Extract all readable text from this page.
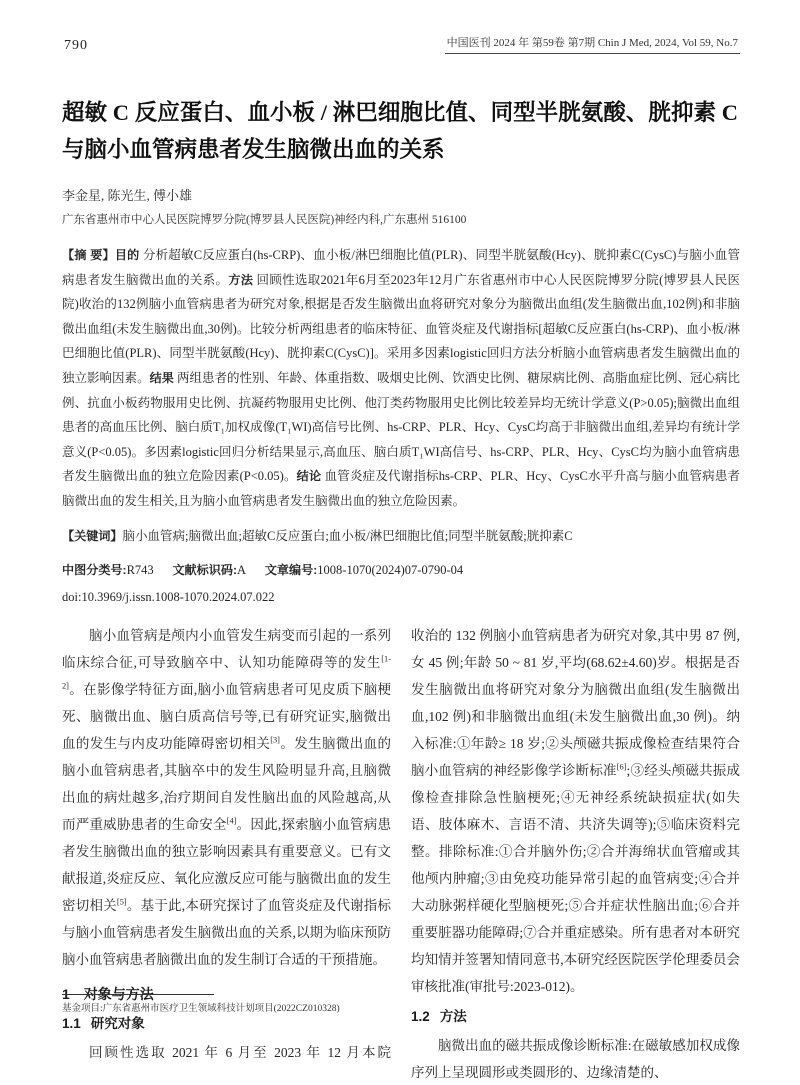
790	中国医刊 2024 年 第59卷 第7期 Chin J Med, 2024, Vol 59, No.7
超敏 C 反应蛋白、血小板 / 淋巴细胞比值、同型半胱氨酸、胱抑素 C 与脑小血管病患者发生脑微出血的关系
李金星, 陈光生, 傅小雄
广东省惠州市中心人民医院博罗分院(博罗县人民医院)神经内科,广东惠州 516100

【摘 要】目的 分析超敏C反应蛋白(hs-CRP)、血小板/淋巴细胞比值(PLR)、同型半胱氨酸(Hcy)、胱抑素C(CysC)与脑小血管病患者发生脑微出血的关系。方法 回顾性选取2021年6月至2023年12月广东省惠州市中心人民医院博罗分院(博罗县人民医院)收治的132例脑小血管病患者为研究对象,根据是否发生脑微出血将研究对象分为脑微出血组(发生脑微出血,102例)和非脑微出血组(未发生脑微出血,30例)。比较分析两组患者的临床特征、血管炎症及代谢指标[超敏C反应蛋白(hs-CRP)、血小板/淋巴细胞比值(PLR)、同型半胱氨酸(Hcy)、胱抑素C(CysC)]。采用多因素logistic回归方法分析脑小血管病患者发生脑微出血的独立影响因素。结果 两组患者的性别、年龄、体重指数、吸烟史比例、饮酒史比例、糖尿病比例、高脂血症比例、冠心病比例、抗血小板药物服用史比例、抗凝药物服用史比例、他汀类药物服用史比例比较差异均无统计学意义(P>0.05);脑微出血组患者的高血压比例、脑白质T₁加权成像(T₁WI)高信号比例、hs-CRP、PLR、Hcy、CysC均高于非脑微出血组,差异均有统计学意义(P<0.05)。多因素logistic回归分析结果显示,高血压、脑白质T₁WI高信号、hs-CRP、PLR、Hcy、CysC均为脑小血管病患者发生脑微出血的独立危险因素(P<0.05)。结论 血管炎症及代谢指标hs-CRP、PLR、Hcy、CysC水平升高与脑小血管病患者脑微出血的发生相关,且为脑小血管病患者发生脑微出血的独立危险因素。

【关键词】脑小血管病;脑微出血;超敏C反应蛋白;血小板/淋巴细胞比值;同型半胱氨酸;胱抑素C

中图分类号:R743  文献标识码:A  文章编号:1008-1070(2024)07-0790-04

doi:10.3969/j.issn.1008-1070.2024.07.022

脑小血管病是颅内小血管发生病变而引起的一系列临床综合征,可导致脑卒中、认知功能障碍等的发生[1-2]。在影像学特征方面,脑小血管病患者可见皮质下脑梗死、脑微出血、脑白质高信号等,已有研究证实,脑微出血的发生与内皮功能障碍密切相关[3]。发生脑微出血的脑小血管病患者,其脑卒中的发生风险明显升高,且脑微出血的病灶越多,治疗期间自发性脑出血的风险越高,从而严重威胁患者的生命安全[4]。因此,探索脑小血管病患者发生脑微出血的独立影响因素具有重要意义。已有文献报道,炎症反应、氧化应激反应可能与脑微出血的发生密切相关[5]。基于此,本研究探讨了血管炎症及代谢指标与脑小血管病患者发生脑微出血的关系,以期为临床预防脑小血管病患者脑微出血的发生制订合适的干预措施。

1 对象与方法
1.1 研究对象

回顾性选取 2021 年 6 月至 2023 年 12 月本院

收治的 132 例脑小血管病患者为研究对象,其中男 87 例,女 45 例;年龄 50 ~ 81 岁,平均(68.62±4.60)岁。根据是否发生脑微出血将研究对象分为脑微出血组(发生脑微出血,102 例)和非脑微出血组(未发生脑微出血,30 例)。纳入标准:①年龄≥ 18 岁;②头颅磁共振成像检查结果符合脑小血管病的神经影像学诊断标准[6];③经头颅磁共振成像检查排除急性脑梗死;④无神经系统缺损症状(如失语、肢体麻木、言语不清、共济失调等);⑤临床资料完整。排除标准:①合并脑外伤;②合并海绵状血管瘤或其他颅内肿瘤;③由免疫功能异常引起的血管病变;④合并大动脉粥样硬化型脑梗死;⑤合并症状性脑出血;⑥合并重要脏器功能障碍;⑦合并重症感染。所有患者对本研究均知情并签署知情同意书,本研究经医院医学伦理委员会审核批准(审批号:2023-012)。

1.2 方法

脑微出血的磁共振成像诊断标准:在磁敏感加权成像序列上呈现圆形或类圆形的、边缘清楚的、

基金项目:广东省惠州市医疗卫生领域科技计划项目(2022CZ010328)
